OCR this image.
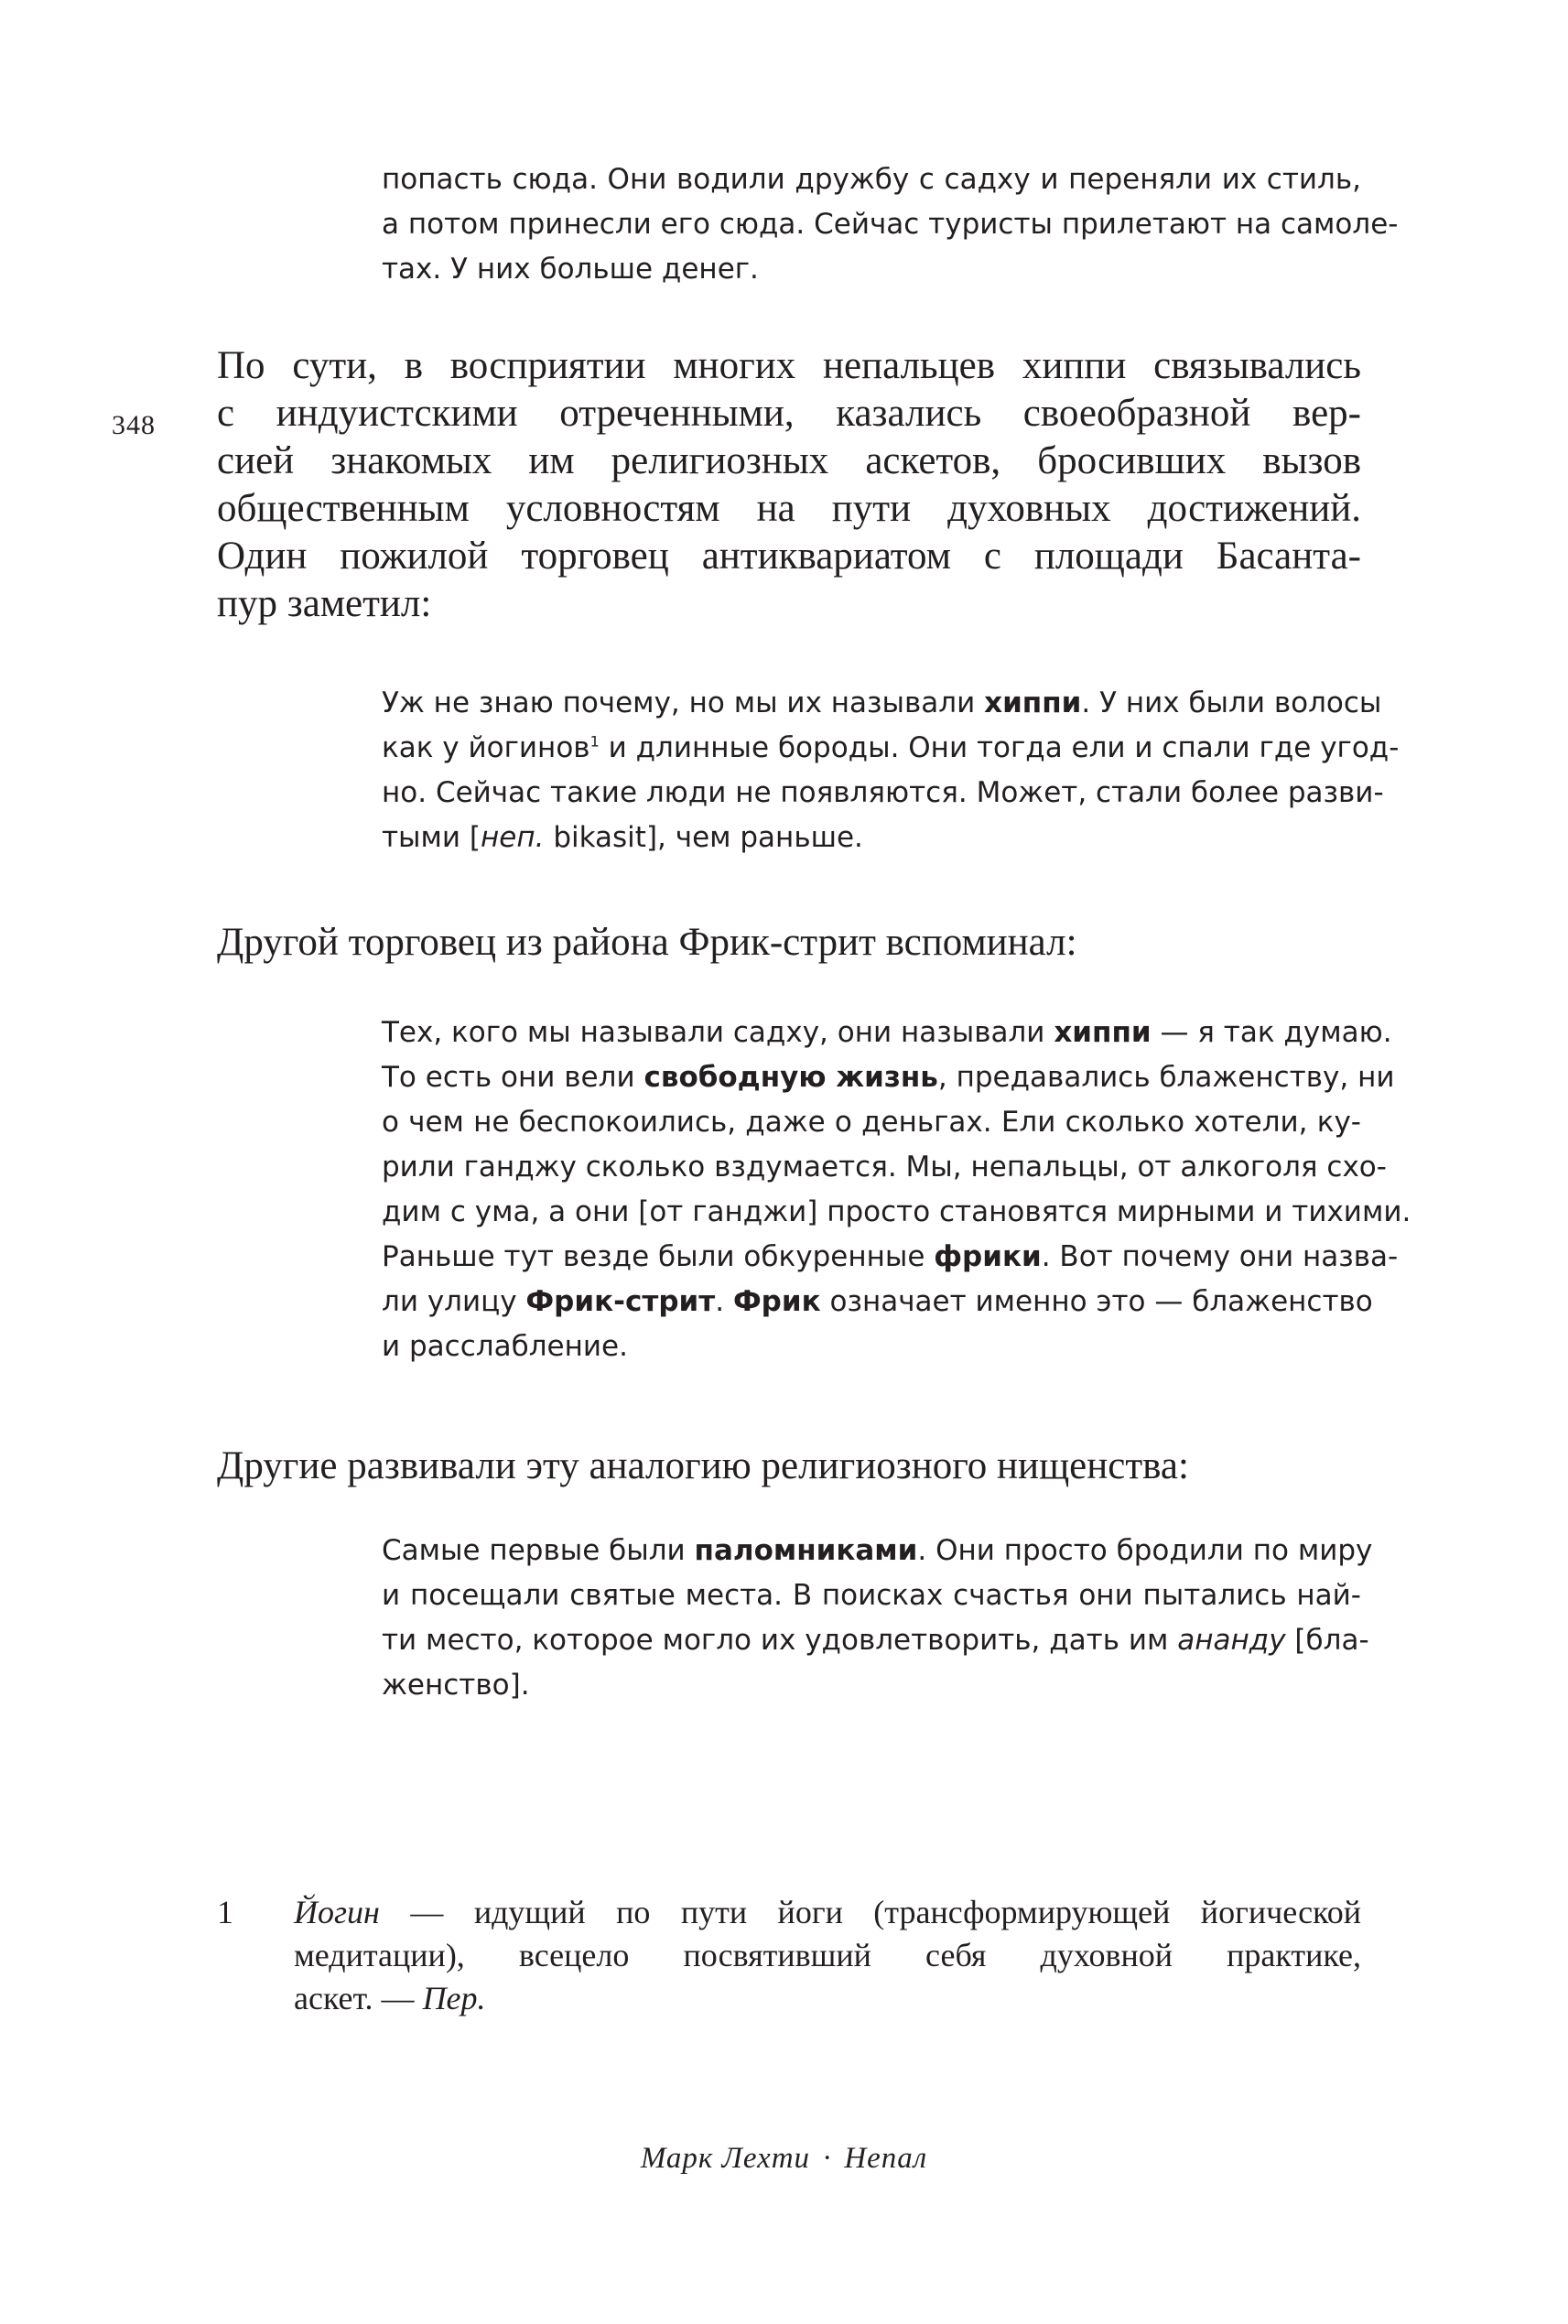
348
попасть сюда. Они водили дружбу с садху и переняли их стиль,
а потом принесли его сюда. Сейчас туристы прилетают на самоле-
тах. У них больше денег.
По сути, в восприятии многих непальцев хиппи связывались
с индуистскими отреченными, казались своеобразной вер-
сией знакомых им религиозных аскетов, бросивших вызов
общественным условностям на пути духовных достижений.
Один пожилой торговец антиквариатом с площади Басанта-
пур заметил:
Уж не знаю почему, но мы их называли хиппи. У них были волосы
как у йогинов$^1$ и длинные бороды. Они тогда ели и спали где угод-
но. Сейчас такие люди не появляются. Может, стали более разви-
тыми [неп. bikasit], чем раньше.
Другой торговец из района Фрик-стрит вспоминал:
Тех, кого мы называли садху, они называли хиппи — я так думаю.
То есть они вели свободную жизнь, предавались блаженству, ни
о чем не беспокоились, даже о деньгах. Ели сколько хотели, ку-
рили ганджу сколько вздумается. Мы, непальцы, от алкоголя схо-
дим с ума, а они [от ганджи] просто становятся мирными и тихими.
Раньше тут везде были обкуренные фрики. Вот почему они назва-
ли улицу Фрик-стрит. Фрик означает именно это — блаженство
и расслабление.
Другие развивали эту аналогию религиозного нищенства:
Самые первые были паломниками. Они просто бродили по миру
и посещали святые места. В поисках счастья они пытались най-
ти место, которое могло их удовлетворить, дать им ананду [бла-
женство].
1 Йогин — идущий по пути йоги (трансформирующей йогической
медитации), всецело посвятивший себя духовной практике,
аскет. — Пер.
Марк Лехти · Непал
